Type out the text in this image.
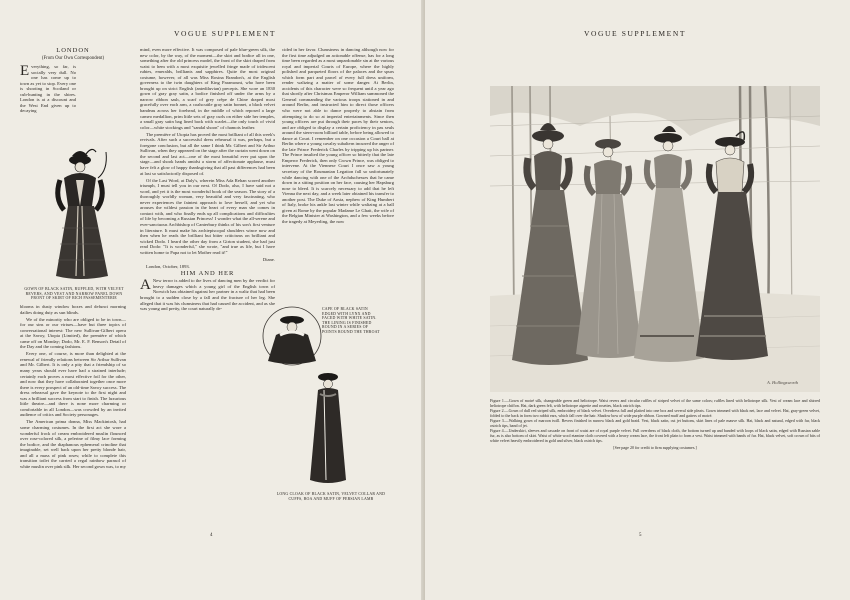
VOGUE SUPPLEMENT
LONDON
(From Our Own Correspondent)
E verything, so far, is socially very dull. No one has come up to town as yet to stop. Every one is shooting in Scotland or cub-hunting in the shires. London is at a discount and the West End given up to decaying
GOWN OF BLACK SATIN, RUFFLED, WITH VELVET REVERS, AND VEST AND NARROW PANEL DOWN FRONT OF SKIRT OF RICH PASSEMENTERIE

blooms in dusty window boxes and defunct morning dailies doing duty as sun blinds.

We of the minority who are obliged to be in town—for our sins or our virtues—have but three topics of conversational interest: The new Sullivan-Gilbert opera at the Savoy, Utopia (Limited), the première of which came off on Monday; Dodo, Mr. E. F. Benson's Detail of the Day and the coming fashions.

Every one, of course, is more than delighted at the renewal of friendly relations between Sir Arthur Sullivan and Mr. Gilbert. It is only a pity that a friendship of so many years should ever have had a strained interlude; certainly each proves a most effective foil for the other, and now that they have collaborated together once more there is every prospect of an old-time Savoy success. The dress rehearsal gave the keynote to the first night and was a brilliant success from start to finish. The luxurious little theatre—and there is none more charming or comfortable in all London—was crowded by an invited audience of critics and Society personages.

The American prima donna, Miss Mackintosh, had some charming costumes. In the first act she wore a wonderful frock of cream embroidered muslin flounced over rose-colored silk, a pelerine of filmy lace forming the bodice, and the diaphanous ephemeral crinoline that imaginable, set well back upon her pretty blonde hair, and all a mass of pink roses; while to complete this transition toilet the carried a regal rainbow parasol of white muslin over pink silk. Her second gown was, to my

mind, even more effective. It was composed of pale blue-green silk, the new color, by the way, of the moment—the skirt and bodice all in one, something after the old princess model, the front of the skirt draped from waist to hem with a most exquisite jewelled fringe made of iridescent rubies, emeralds, brilliants and sapphires. Quite the most original costume, however, of all was Miss Rosina Brandon's, at the English governess to the twin daughters of King Paramount, who have been brought up on strict English (antediluvian) precepts. She wore an 1830 gown of gray gray satin, a bodice finished off under the arms by a narrow ribbon sash, a scarf of grey crêpe de Chine draped most gracefully over each arm, a coalscuttle gray satin bonnet, a black velvet bandeau across her forehead, in the middle of which reposed a large cameo medallion, prim little sets of gray curls on either side her temples, a small gray satin bag lined back with scarlet—the only touch of vivid color—white stockings and "sandal shoon" of chamois leather.

The première of Utopia has proved the most brilliant of all this week's revivals. After such a successful dress rehearsal it was, perhaps, but a foregone conclusion, but all the same I think Mr. Gilbert and Sir Arthur Sullivan, when they appeared on the stage after the curtain went down on the second and last act—one of the most beautiful ever put upon the stage—and shook hands amidst a storm of affectionate applause, must have felt a glow of happy thanksgiving that all past differences had been at last so satisfactorily disposed of.

Of the Last Word, at Daly's, wherein Miss Ada Rehan scored another triumph, I must tell you in our next. Of Dodo, also, I have said not a word, and yet it is the most wonderful book of the season. The story of a thoroughly worldly woman, very beautiful and very fascinating, who never experiences the faintest approach to love herself, and yet who arouses the wildest passion in the heart of every man she comes in contact with, and who finally ends up all complications and difficulties of life by becoming a Russian Princess! I wonder what the all-serene and ever-sanctuous Archbishop of Canterbury thinks of his son's first venture in literature. It must make his archiepiscopal shoulders wince now and then when he reads the brilliant but bitter criticisms on brilliant and wicked Dodo. I heard the other day from a Girton student, she had just read Dodo: "It is wonderful," she wrote, "and true as life, but I have written home to Papa not to let Mother read it!"

Diane.

London, October, 1893.

HIM AND HER
A New terror is added to the lives of dancing men by the verdict for heavy damages which a young girl of the English town of Norwich has obtained against her partner in a waltz that had been brought to a sudden close by a fall and the fracture of her leg. She alleged that it was his clumsiness that had caused the accident, and as she was young and pretty, the court naturally de-	CAPE OF BLACK SATIN EDGED WITH LYNX AND FACED WITH WHITE SATIN. THE LINING IS FINISHED ROUND IN A SERIES OF POINTS ROUND THE THROAT
LONG CLOAK OF BLACK SATIN, VELVET COLLAR AND CUFFS, BOA AND MUFF OF PERSIAN LAMB

cided in her favor. Clumsiness in dancing although now for the first time adjudged an actionable offense, has for a long time been regarded as a most unpardonable sin at the various royal and imperial Courts of Europe, where the highly polished and parqueted floors of the palaces and the spurs which form part and parcel of every full dress uniform, render waltzing a matter of some danger. At Berlin, accidents of this character were so frequent until a year ago that shortly after Christmas Emperor William summoned the General commanding the various troops stationed in and around Berlin, and instructed him to direct those officers who were not able to dance properly to abstain from attempting to do so at imperial entertainments. Since then young officers are put through their paces by their seniors, and are obliged to display a certain proficiency in pas seuls around the stern-room billiard table, before being allowed to dance at Court. I remember on one occasion a Court ball at Berlin where a young cavalry subaltern incurred the anger of the late Prince Frederick Charles by tripping up his partner. The Prince insulted the young officer so bitterly that the late Emperor Frederick, then only Crown Prince, was obliged to intervene. At the Viennese Court I once saw a young secretary of the Roumanian Legation fall so unfortunately while dancing with one of the Archduchesses that he came down in a sitting position on her face, causing her Hapsburg nose to bleed. It is scarcely necessary to add that he left Vienna the next day, and a week later obtained his transfer to another post. The Duke of Aosta, nephew of King Humbert of Italy, broke his ankle last winter while waltzing at a ball given at Rome by the popular Madame Le Ghait, the wife of the Belgian Minister at Washington, and a few weeks before the tragedy at Meyerling, the now

4
VOGUE SUPPLEMENT
A. Hollingsworth

Figure 1.—Gown of moiré silk, changeable green and heliotrope. Waist revers and circular ruffles of striped velvet of the same colors; ruffles lined with heliotrope silk. Vest of cream lace and shirred heliotrope chiffon. Hat, dark green felt, with heliotrope aigrette and rosettes, black ostrich tips.

Figure 2.—Gown of dull red striped silk, embroidery of black velvet. Overdress full and plaited into one box and several side pleats. Gown trimmed with black net, lace and velvet. Hat, gray-green velvet, folded to the back in form two rabbit ears, which fall over the hair. Shadow bow of wide purple ribbon. Gowned muff and gaiters of moiré.

Figure 3.—Walking gown of maroon twill. Revers finished in narrow black and gold braid. Vest, black satin, cut jet buttons, skirt lines of pale mauve silk. Hat, black and natural, edged with fur, black ostrich tips, band of jet.

Figure 4.—Underskirt, sleeves and cascade on front of waist are of royal purple velvet. Full overdress of black cloth, the bottom turned up and banded with loops of black satin, edged with Russian sable fur, as is also bottom of skirt. Waist of white wool etamine cloth covered with a heavy cream lace, the front left plain to form a vest. Waist trimmed with bands of fur. Hat, black velvet, soft crown of bits of white velvet heavily embroidered in gold and silver, black ostrich tips.

[See page 20 for credit to firm supplying costumes.]

5
